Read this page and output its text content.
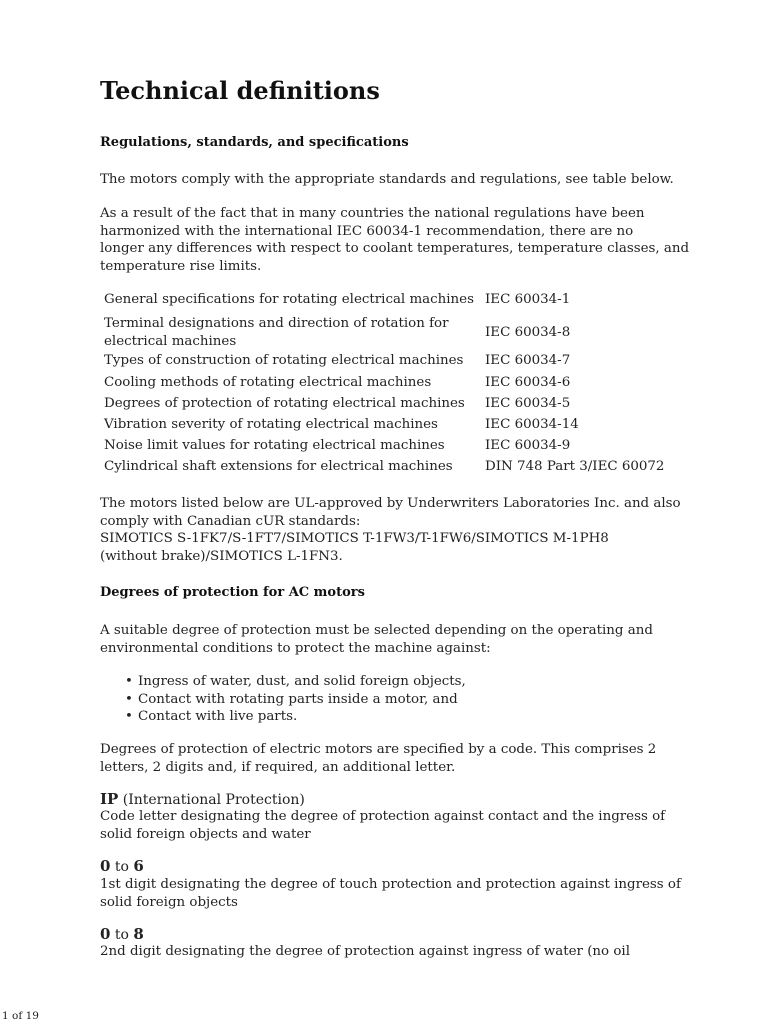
Technical definitions
Regulations, standards, and specifications

The motors comply with the appropriate standards and regulations, see table below.

As a result of the fact that in many countries the national regulations have been
harmonized with the international IEC 60034-1 recommendation, there are no
longer any differences with respect to coolant temperatures, temperature classes, and
temperature rise limits.

General specifications for rotating electrical machines IEC 60034-1
Terminal designations and direction of rotation for
electrical machines
IEC 60034-8
Types of construction of rotating electrical machines	IEC 60034-7
Cooling methods of rotating electrical machines	IEC 60034-6
Degrees of protection of rotating electrical machines	IEC 60034-5
Vibration severity of rotating electrical machines	IEC 60034-14
Noise limit values for rotating electrical machines	IEC 60034-9
Cylindrical shaft extensions for electrical machines	DIN 748 Part 3/IEC 60072

The motors listed below are UL-approved by Underwriters Laboratories Inc. and also
comply with Canadian cUR standards:
SIMOTICS S-1FK7/S-1FT7/SIMOTICS T-1FW3/T-1FW6/SIMOTICS M-1PH8
(without brake)/SIMOTICS L-1FN3.

Degrees of protection for AC motors

A suitable degree of protection must be selected depending on the operating and
environmental conditions to protect the machine against:

• Ingress of water, dust, and solid foreign objects,
• Contact with rotating parts inside a motor, and
• Contact with live parts.

Degrees of protection of electric motors are specified by a code. This comprises 2
letters, 2 digits and, if required, an additional letter.

IP (International Protection)

Code letter designating the degree of protection against contact and the ingress of
solid foreign objects and water

0 to 6

1st digit designating the degree of touch protection and protection against ingress of
solid foreign objects

0 to 8

2nd digit designating the degree of protection against ingress of water (no oil

1 of 19
